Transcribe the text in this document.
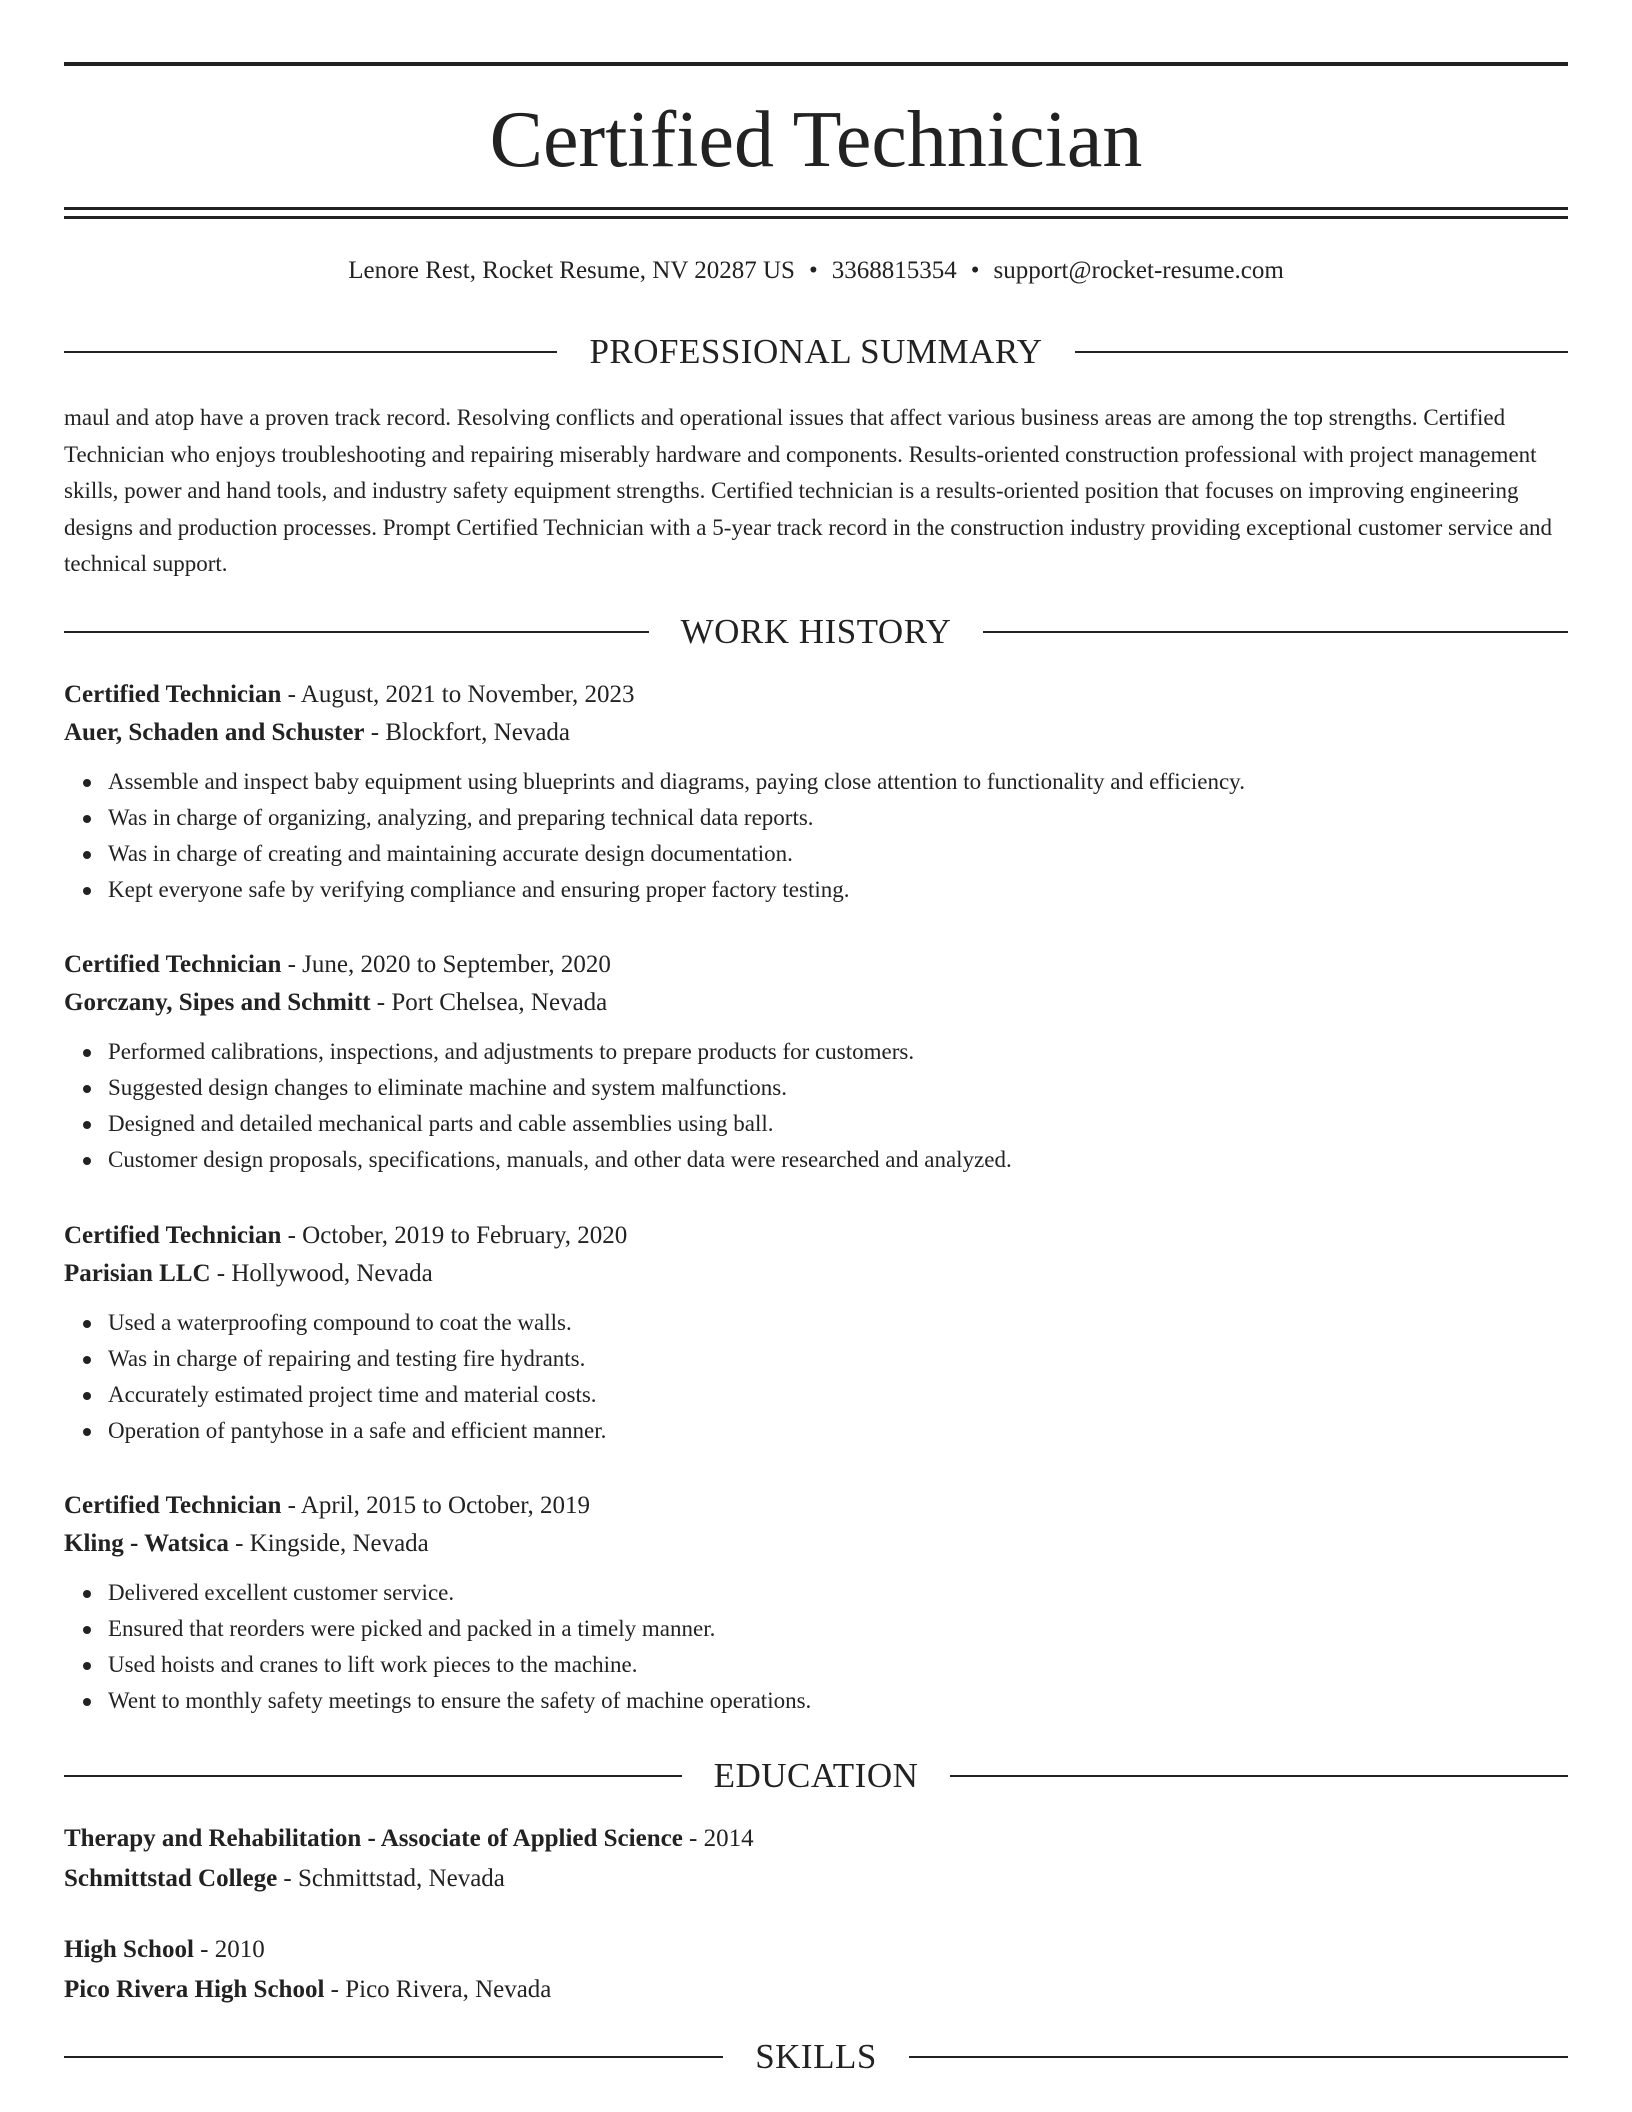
Certified Technician
Lenore Rest, Rocket Resume, NV 20287 US • 3368815354 • support@rocket-resume.com
PROFESSIONAL SUMMARY

maul and atop have a proven track record. Resolving conflicts and operational issues that affect various business areas are among the top strengths. Certified Technician who enjoys troubleshooting and repairing miserably hardware and components. Results-oriented construction professional with project management skills, power and hand tools, and industry safety equipment strengths. Certified technician is a results-oriented position that focuses on improving engineering designs and production processes. Prompt Certified Technician with a 5-year track record in the construction industry providing exceptional customer service and technical support.

WORK HISTORY

Certified Technician - August, 2021 to November, 2023

Auer, Schaden and Schuster - Blockfort, Nevada

Assemble and inspect baby equipment using blueprints and diagrams, paying close attention to functionality and efficiency.
Was in charge of organizing, analyzing, and preparing technical data reports.
Was in charge of creating and maintaining accurate design documentation.
Kept everyone safe by verifying compliance and ensuring proper factory testing.

Certified Technician - June, 2020 to September, 2020

Gorczany, Sipes and Schmitt - Port Chelsea, Nevada

Performed calibrations, inspections, and adjustments to prepare products for customers.
Suggested design changes to eliminate machine and system malfunctions.
Designed and detailed mechanical parts and cable assemblies using ball.
Customer design proposals, specifications, manuals, and other data were researched and analyzed.

Certified Technician - October, 2019 to February, 2020

Parisian LLC - Hollywood, Nevada

Used a waterproofing compound to coat the walls.
Was in charge of repairing and testing fire hydrants.
Accurately estimated project time and material costs.
Operation of pantyhose in a safe and efficient manner.

Certified Technician - April, 2015 to October, 2019

Kling - Watsica - Kingside, Nevada

Delivered excellent customer service.
Ensured that reorders were picked and packed in a timely manner.
Used hoists and cranes to lift work pieces to the machine.
Went to monthly safety meetings to ensure the safety of machine operations.
EDUCATION

Therapy and Rehabilitation - Associate of Applied Science - 2014

Schmittstad College - Schmittstad, Nevada

High School - 2010

Pico Rivera High School - Pico Rivera, Nevada

SKILLS
